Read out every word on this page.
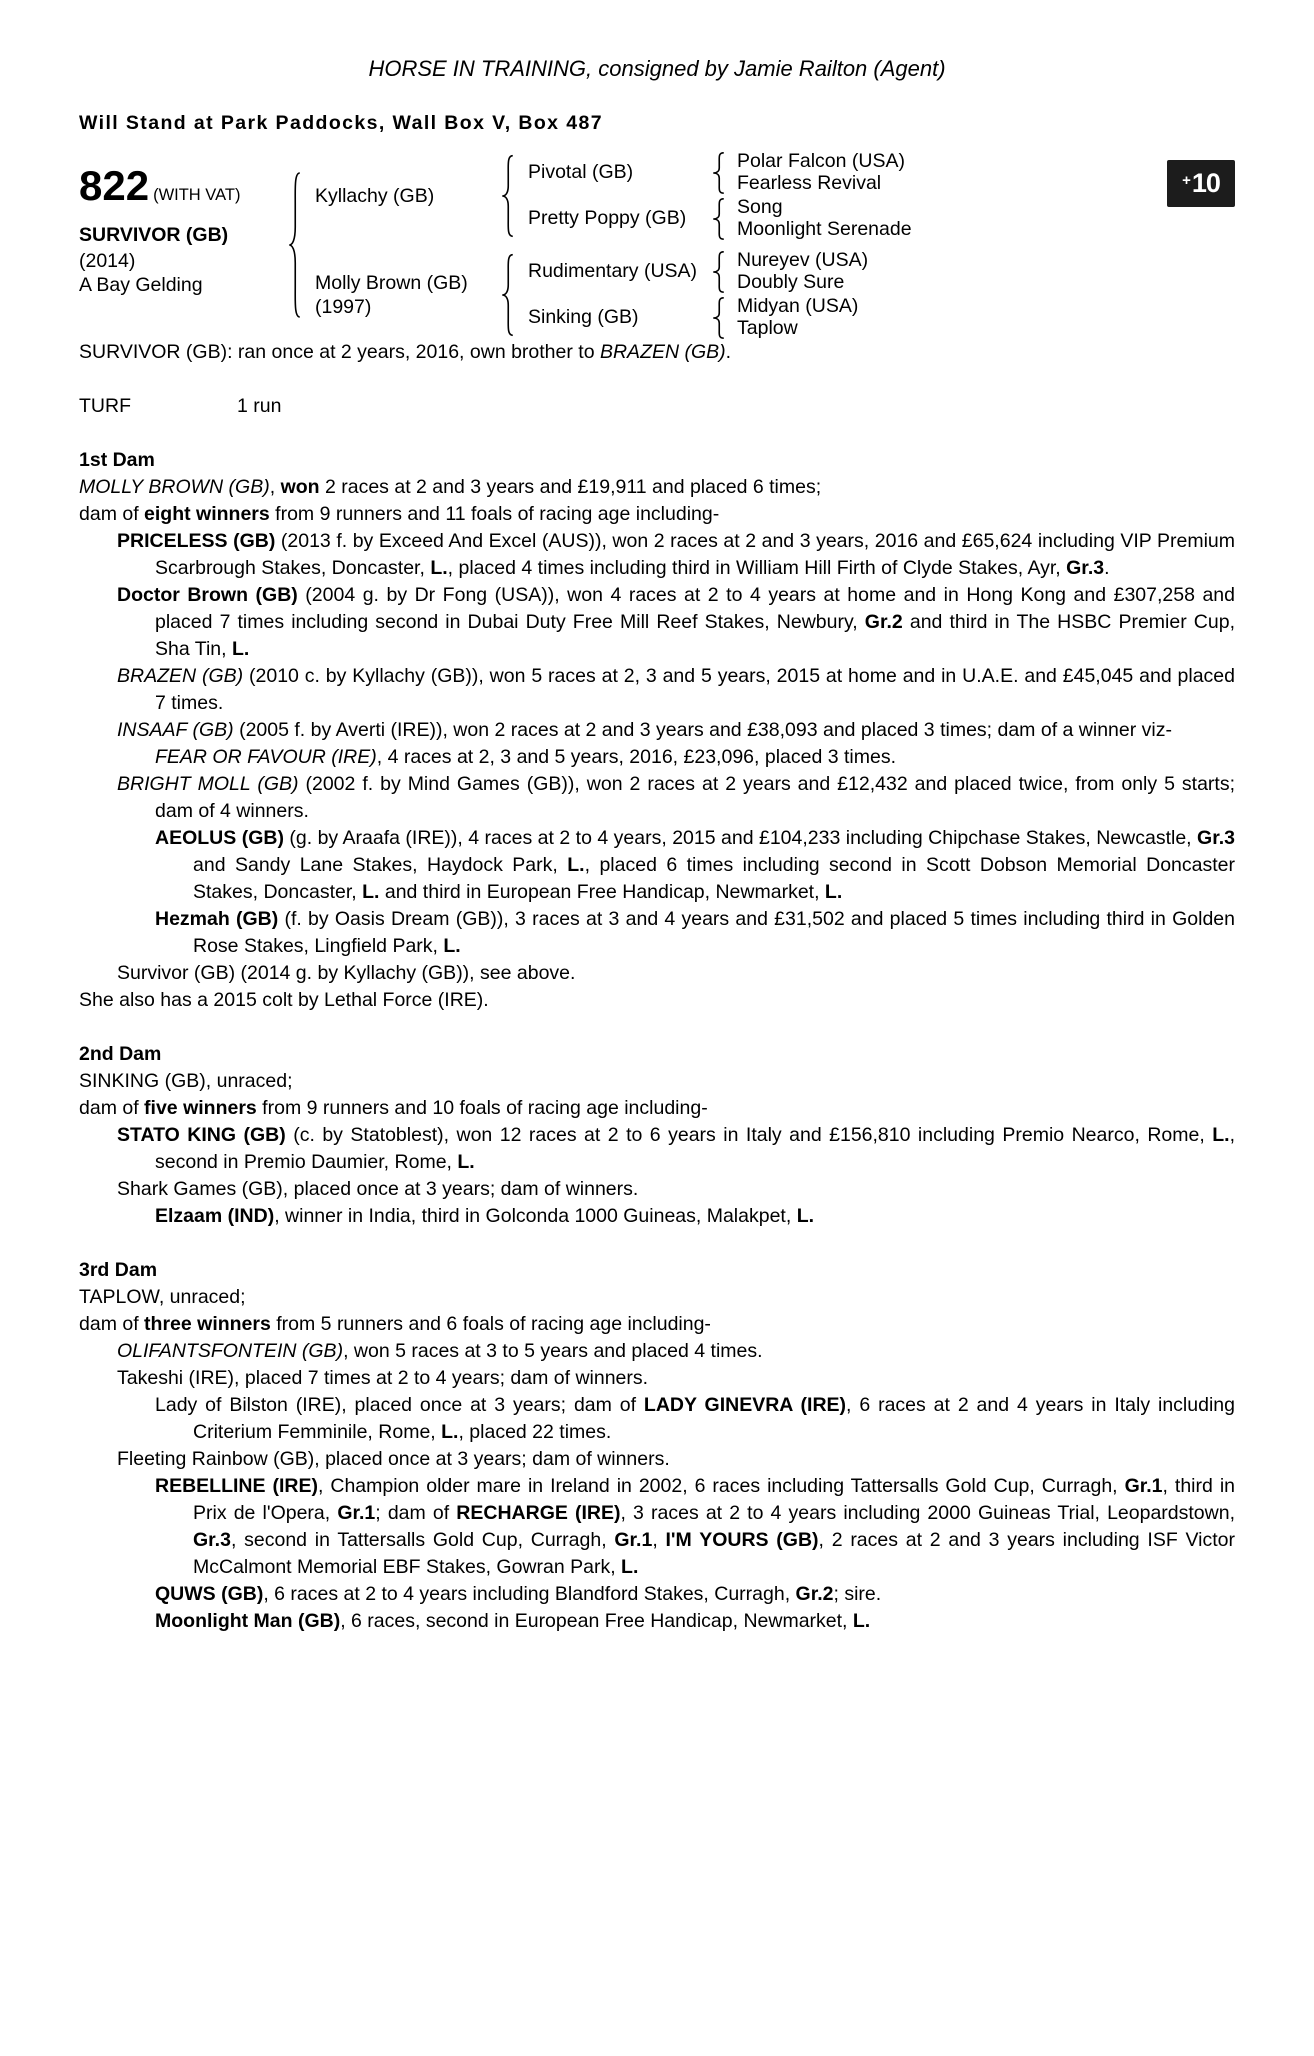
HORSE IN TRAINING, consigned by Jamie Railton (Agent)
Will Stand at Park Paddocks, Wall Box V, Box 487
+ 10
822 (WITH VAT)
SURVIVOR (GB)
(2014)
A Bay Gelding
Kyllachy (GB)
Pivotal (GB)	Polar Falcon (USA)
Fearless Revival
Pretty Poppy (GB)	Song
Moonlight Serenade
Molly Brown (GB)
(1997)
Rudimentary (USA)	Nureyev (USA)
Doubly Sure
Sinking (GB)	Midyan (USA)
Taplow

SURVIVOR (GB): ran once at 2 years, 2016, own brother to BRAZEN (GB).

TURF	1 run
1st Dam

MOLLY BROWN (GB), won 2 races at 2 and 3 years and £19,911 and placed 6 times;

dam of eight winners from 9 runners and 11 foals of racing age including-

PRICELESS (GB) (2013 f. by Exceed And Excel (AUS)), won 2 races at 2 and 3 years, 2016 and £65,624 including VIP Premium Scarbrough Stakes, Doncaster, L., placed 4 times including third in William Hill Firth of Clyde Stakes, Ayr, Gr.3.

Doctor Brown (GB) (2004 g. by Dr Fong (USA)), won 4 races at 2 to 4 years at home and in Hong Kong and £307,258 and placed 7 times including second in Dubai Duty Free Mill Reef Stakes, Newbury, Gr.2 and third in The HSBC Premier Cup, Sha Tin, L.

BRAZEN (GB) (2010 c. by Kyllachy (GB)), won 5 races at 2, 3 and 5 years, 2015 at home and in U.A.E. and £45,045 and placed 7 times.

INSAAF (GB) (2005 f. by Averti (IRE)), won 2 races at 2 and 3 years and £38,093 and placed 3 times; dam of a winner viz-

FEAR OR FAVOUR (IRE), 4 races at 2, 3 and 5 years, 2016, £23,096, placed 3 times.

BRIGHT MOLL (GB) (2002 f. by Mind Games (GB)), won 2 races at 2 years and £12,432 and placed twice, from only 5 starts; dam of 4 winners.

AEOLUS (GB) (g. by Araafa (IRE)), 4 races at 2 to 4 years, 2015 and £104,233 including Chipchase Stakes, Newcastle, Gr.3 and Sandy Lane Stakes, Haydock Park, L., placed 6 times including second in Scott Dobson Memorial Doncaster Stakes, Doncaster, L. and third in European Free Handicap, Newmarket, L.

Hezmah (GB) (f. by Oasis Dream (GB)), 3 races at 3 and 4 years and £31,502 and placed 5 times including third in Golden Rose Stakes, Lingfield Park, L.

Survivor (GB) (2014 g. by Kyllachy (GB)), see above.

She also has a 2015 colt by Lethal Force (IRE).

2nd Dam

SINKING (GB), unraced;

dam of five winners from 9 runners and 10 foals of racing age including-

STATO KING (GB) (c. by Statoblest), won 12 races at 2 to 6 years in Italy and £156,810 including Premio Nearco, Rome, L., second in Premio Daumier, Rome, L.

Shark Games (GB), placed once at 3 years; dam of winners.

Elzaam (IND), winner in India, third in Golconda 1000 Guineas, Malakpet, L.

3rd Dam

TAPLOW, unraced;

dam of three winners from 5 runners and 6 foals of racing age including-

OLIFANTSFONTEIN (GB), won 5 races at 3 to 5 years and placed 4 times.

Takeshi (IRE), placed 7 times at 2 to 4 years; dam of winners.

Lady of Bilston (IRE), placed once at 3 years; dam of LADY GINEVRA (IRE), 6 races at 2 and 4 years in Italy including Criterium Femminile, Rome, L., placed 22 times.

Fleeting Rainbow (GB), placed once at 3 years; dam of winners.

REBELLINE (IRE), Champion older mare in Ireland in 2002, 6 races including Tattersalls Gold Cup, Curragh, Gr.1, third in Prix de l'Opera, Gr.1; dam of RECHARGE (IRE), 3 races at 2 to 4 years including 2000 Guineas Trial, Leopardstown, Gr.3, second in Tattersalls Gold Cup, Curragh, Gr.1, I'M YOURS (GB), 2 races at 2 and 3 years including ISF Victor McCalmont Memorial EBF Stakes, Gowran Park, L.

QUWS (GB), 6 races at 2 to 4 years including Blandford Stakes, Curragh, Gr.2; sire.

Moonlight Man (GB), 6 races, second in European Free Handicap, Newmarket, L.
